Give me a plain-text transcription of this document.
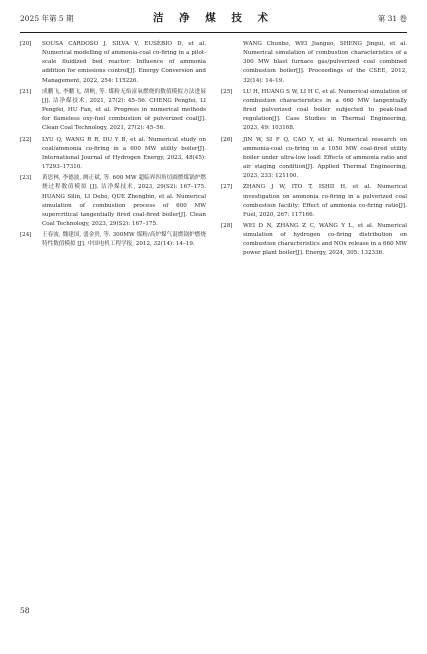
2025 年第 5 期	洁 净 煤 技 术	第 31 卷
[20] SOUSA CARDOSO J, SILVA V, EUSÉBIO D, et al. Numerical modelling of ammonia-coal co-firing in a pilot-scale fluidized bed reactor: Influence of ammonia addition for emissions control[J]. Energy Conversion and Management, 2022, 254: 115226.
[21] 成鹏飞, 李鹏飞, 胡帆, 等. 煤粉无焰富氧燃烧的数值模拟方法进展 [J]. 洁净煤技术, 2021, 27(2): 45–56. CHENG Pengfei, LI Pengfei, HU Fan, et al. Progress in numerical methods for flameless oxy-fuel combustion of pulverized coal[J]. Clean Coal Technology, 2021, 27(2): 45–56.
[22] LYU Q, WANG R R, DU Y B, et al. Numerical study on coal/ammonia co-firing in a 600 MW utility boiler[J]. International Journal of Hydrogen Energy, 2023, 48(45): 17293–17310.
[23] 黄思林, 李德波, 阙正斌, 等. 600 MW 超临界四角切圆燃煤锅炉燃烧过程数值模拟 [J]. 洁净煤技术, 2023, 29(S2): 167–175. HUANG Silin, LI Debo, QUE Zhengbin, et al. Numerical simulation of combustion process of 600 MW supercritical tangentially fired coal-fired boiler[J]. Clean Coal Technology, 2023, 29(S2): 167–175.
[24] 王春波, 魏建国, 盛金贵, 等. 300MW 煤粉/高炉煤气混燃锅炉燃烧特性数值模拟 [J]. 中国电机工程学报, 2012, 32(14): 14–19.
WANG Chunbo, WEI Jianguo, SHENG Jingui, et al. Numerical simulation of combustion characteristics of a 300 MW blast furnace gas/pulverized coal combined combustion boiler[J]. Proceedings of the CSEE, 2012, 32(14): 14–19.
[25] LU H, HUANG S W, LI H C, et al. Numerical simulation of combustion characteristics in a 660 MW tangentially fired pulverized coal boiler subjected to peak-load regulation[J]. Case Studies in Thermal Engineering, 2023, 49: 103168.
[26] JIN W, SI F Q, CAO Y, et al. Numerical research on ammonia-coal co-firing in a 1050 MW coal-fired utility boiler under ultra-low load: Effects of ammonia ratio and air staging condition[J]. Applied Thermal Engineering, 2023, 233: 121100.
[27] ZHANG J W, ITO T, ISHII H, et al. Numerical investigation on ammonia co-firing in a pulverized coal combustion facility: Effect of ammonia co-firing ratio[J]. Fuel, 2020, 267: 117166.
[28] WEI D N, ZHANG Z C, WANG Y L, et al. Numerical simulation of hydrogen co-firing distribution on combustion characteristics and NOx release in a 660 MW power plant boiler[J]. Energy, 2024, 305: 132336.
58
